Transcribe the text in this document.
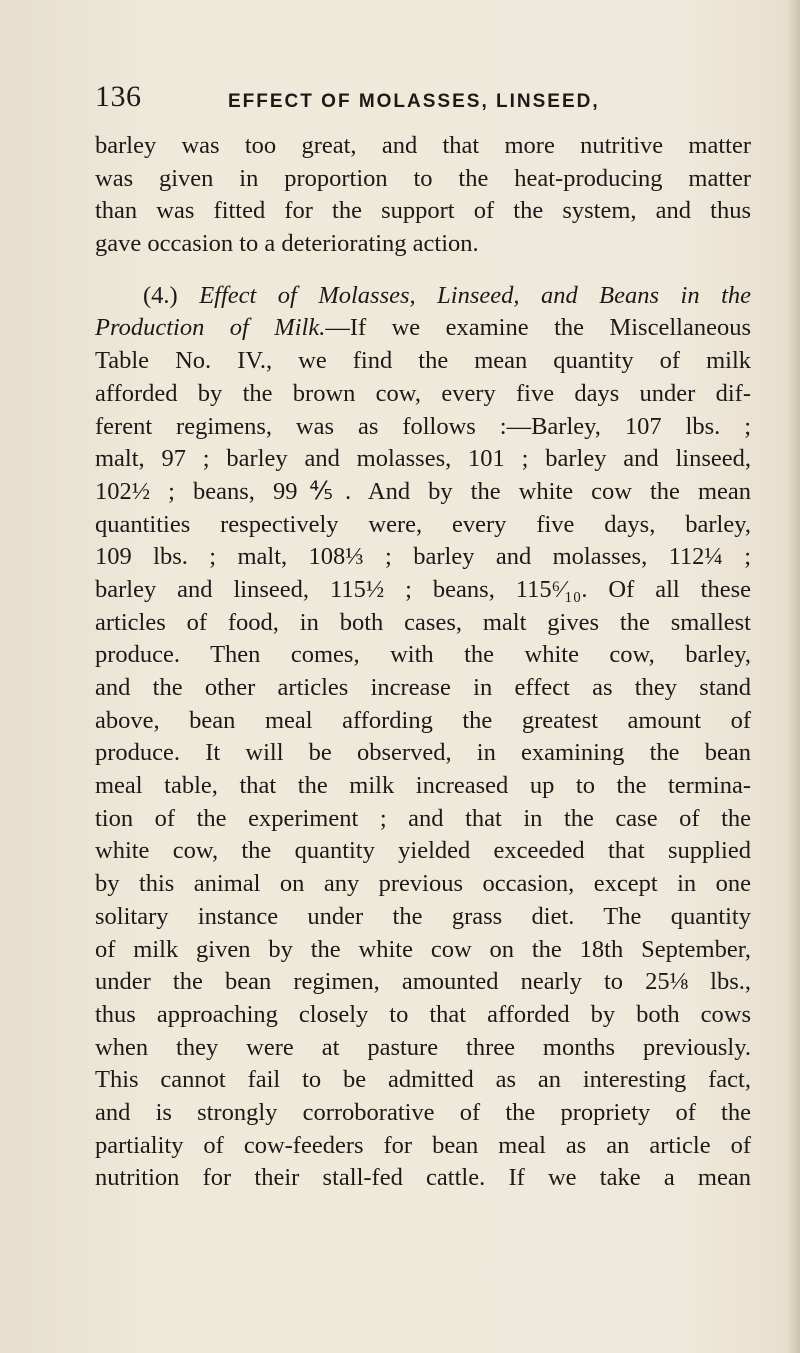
136	EFFECT OF MOLASSES, LINSEED,
barley was too great, and that more nutritive matter
was given in proportion to the heat-producing matter
than was fitted for the support of the system, and thus
gave occasion to a deteriorating action.
(4.) Effect of Molasses, Linseed, and Beans in the
Production of Milk.—If we examine the Miscellaneous
Table No. IV., we find the mean quantity of milk
afforded by the brown cow, every five days under dif-
ferent regimens, was as follows :—Barley, 107 lbs. ;
malt, 97 ; barley and molasses, 101 ; barley and linseed,
102½ ; beans, 99⅘. And by the white cow the mean
quantities respectively were, every five days, barley,
109 lbs. ; malt, 108⅓ ; barley and molasses, 112¼ ;
barley and linseed, 115½ ; beans, 115⁶⁄₁₀. Of all these
articles of food, in both cases, malt gives the smallest
produce. Then comes, with the white cow, barley,
and the other articles increase in effect as they stand
above, bean meal affording the greatest amount of
produce. It will be observed, in examining the bean
meal table, that the milk increased up to the termina-
tion of the experiment ; and that in the case of the
white cow, the quantity yielded exceeded that supplied
by this animal on any previous occasion, except in one
solitary instance under the grass diet. The quantity
of milk given by the white cow on the 18th September,
under the bean regimen, amounted nearly to 25⅛ lbs.,
thus approaching closely to that afforded by both cows
when they were at pasture three months previously.
This cannot fail to be admitted as an interesting fact,
and is strongly corroborative of the propriety of the
partiality of cow-feeders for bean meal as an article of
nutrition for their stall-fed cattle. If we take a mean
